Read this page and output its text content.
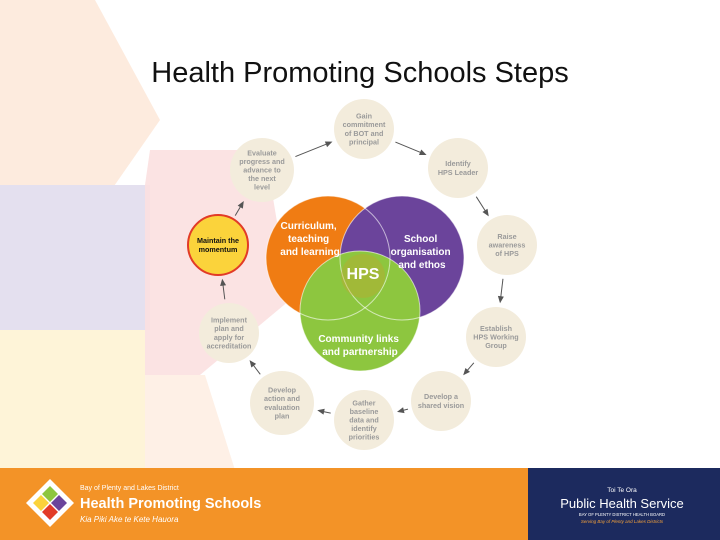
Health Promoting Schools Steps
Gain commitment of BOT and principal
Identify HPS Leader
Raise awareness of HPS
Establish HPS Working Group
Develop a shared vision
Gather baseline data and identify priorities
Develop action and evaluation plan
Implement plan and apply for accreditation
Maintain the momentum
Evaluate progress and advance to the next level
Curriculum, teaching and learning
School organisation and ethos
Community links and partnership
HPS
Bay of Plenty and Lakes District
Health Promoting Schools
Kia Piki Ake te Kete Hauora
Toi Te Ora
Public Health Service
BAY OF PLENTY DISTRICT HEALTH BOARD
Serving Bay of Plenty and Lakes Districts
